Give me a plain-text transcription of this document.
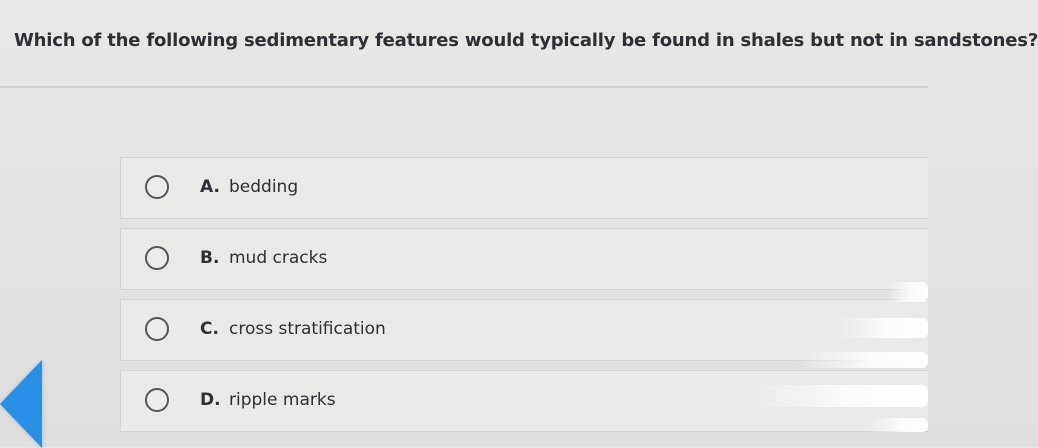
Which of the following sedimentary features would typically be found in shales but not in sandstones?
A. bedding
B. mud cracks
C. cross stratification
D. ripple marks
